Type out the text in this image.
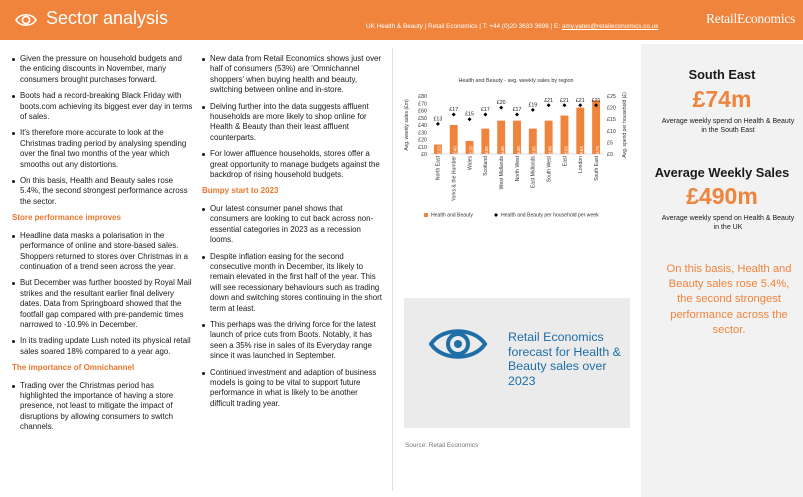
Sector analysis	UK Health & Beauty | Retail Economics | T: +44 (0)20 3633 3698 | E: amy.yates@retaileconomics.co.uk
RetailEconomics
Given the pressure on household budgets and the enticing discounts in November, many consumers brought purchases forward.
Boots had a record-breaking Black Friday with boots.com achieving its biggest ever day in terms of sales.
It's therefore more accurate to look at the Christmas trading period by analysing spending over the final two months of the year which smooths out any distortions.
On this basis, Health and Beauty sales rose 5.4%, the second strongest performance across the sector.
Store performance improves
Headline data masks a polarisation in the performance of online and store-based sales. Shoppers returned to stores over Christmas in a continuation of a trend seen across the year.
But December was further boosted by Royal Mail strikes and the resultant earlier final delivery dates. Data from Springboard showed that the footfall gap compared with pre-pandemic times narrowed to -10.9% in December.
In its trading update Lush noted its physical retail sales soared 18% compared to a year ago.
The importance of Omnichannel
Trading over the Christmas period has highlighted the importance of having a store presence, not least to mitigate the impact of disruptions by allowing consumers to switch channels.
New data from Retail Economics shows just over half of consumers (53%) are 'Omnichannel shoppers' when buying health and beauty, switching between online and in-store.
Delving further into the data suggests affluent households are more likely to shop online for Health & Beauty than their least affluent counterparts.
For lower affluence households, stores offer a great opportunity to manage budgets against the backdrop of rising household budgets.
Bumpy start to 2023
Our latest consumer panel shows that consumers are looking to cut back across non-essential categories in 2023 as a recession looms.
Despite inflation easing for the second consecutive month in December, its likely to remain elevated in the first half of the year. This will see recessionary behaviours such as trading down and switching stores continuing in the short term at least.
This perhaps was the driving force for the latest launch of price cuts from Boots. Notably, it has seen a 35% rise in sales of its Everyday range since it was launched in September.
Continued investment and adaption of business models is going to be vital to support future performance in what is likely to be another difficult trading year.
Health and Beauty - avg. weekly sales by region
£0
£10
£20
£30
£40
£50
£60
£70
£80
£0
£5
£10
£15
£20
£25
Avg. weekly sales (£m)	Avg. spend per household (£)
£13
£13
North East
£40
£17
Yorks & the Humber
£18
£15
Wales
£35
£17
Scotland
£46
£20
West Midlands
£46
£17
North West
£35
£19
East Midlands
£46
£21
South West
£53
£21
East
£64
£21
London
£74
£21
South East
Health and Beauty	Health and Beauty per household per week
Retail Economics forecast for Health & Beauty sales over 2023
Source: Retail Economics
South East
£74m
Average weekly spend on Health & Beauty in the South East
Average Weekly Sales
£490m
Average weekly spend on Health & Beauty in the UK
On this basis, Health and Beauty sales rose 5.4%, the second strongest performance across the sector.
